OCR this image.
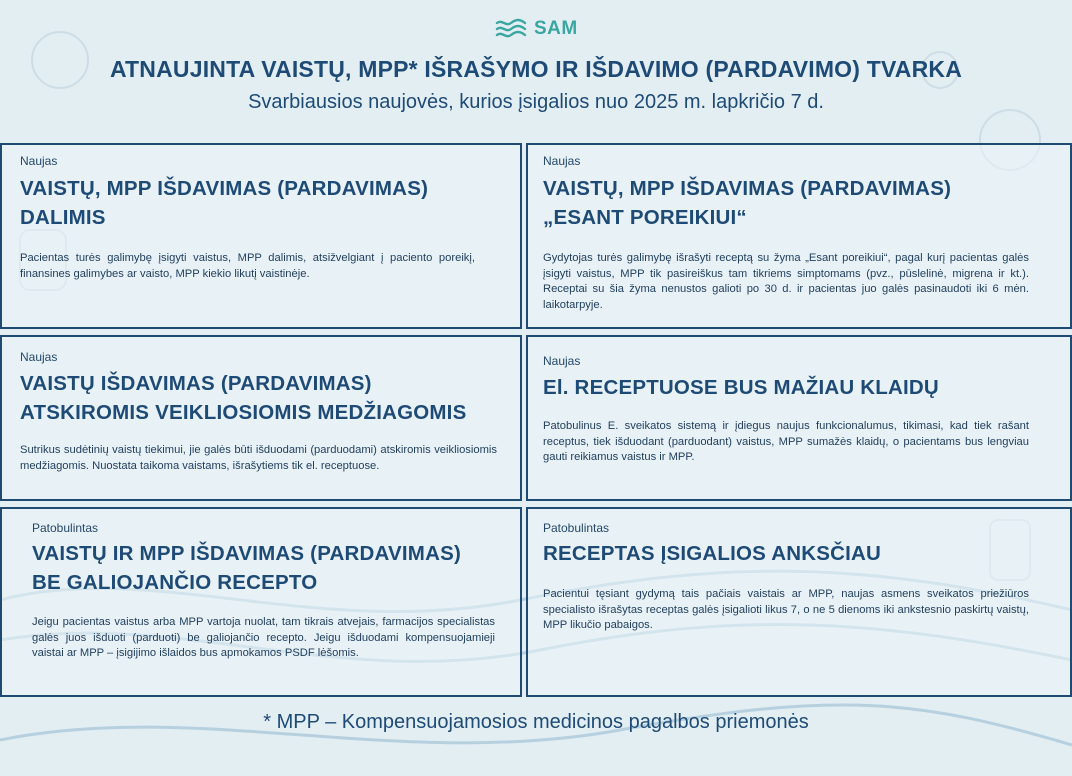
SAM
ATNAUJINTA VAISTŲ, MPP* IŠRAŠYMO IR IŠDAVIMO (PARDAVIMO) TVARKA
Svarbiausios naujovės, kurios įsigalios nuo 2025 m. lapkričio 7 d.
Naujas
VAISTŲ, MPP IŠDAVIMAS (PARDAVIMAS)
DALIMIS
Pacientas turės galimybę įsigyti vaistus, MPP dalimis, atsižvelgiant į paciento poreikį, finansines galimybes ar vaisto, MPP kiekio likutį vaistinėje.
Naujas
VAISTŲ, MPP IŠDAVIMAS (PARDAVIMAS)
„ESANT POREIKIUI“
Gydytojas turės galimybę išrašyti receptą su žyma „Esant poreikiui“, pagal kurį pacientas galės įsigyti vaistus, MPP tik pasireiškus tam tikriems simptomams (pvz., pūslelinė, migrena ir kt.). Receptai su šia žyma nenustos galioti po 30 d. ir pacientas juo galės pasinaudoti iki 6 mėn. laikotarpyje.
Naujas
VAISTŲ IŠDAVIMAS (PARDAVIMAS)
ATSKIROMIS VEIKLIOSIOMIS MEDŽIAGOMIS
Sutrikus sudėtinių vaistų tiekimui, jie galės būti išduodami (parduodami) atskiromis veikliosiomis medžiagomis. Nuostata taikoma vaistams, išrašytiems tik el. receptuose.
Naujas
El. RECEPTUOSE BUS MAŽIAU KLAIDŲ
Patobulinus E. sveikatos sistemą ir įdiegus naujus funkcionalumus, tikimasi, kad tiek rašant receptus, tiek išduodant (parduodant) vaistus, MPP sumažės klaidų, o pacientams bus lengviau gauti reikiamus vaistus ir MPP.
Patobulintas
VAISTŲ IR MPP IŠDAVIMAS (PARDAVIMAS)
BE GALIOJANČIO RECEPTO
Jeigu pacientas vaistus arba MPP vartoja nuolat, tam tikrais atvejais, farmacijos specialistas galės juos išduoti (parduoti) be galiojančio recepto. Jeigu išduodami kompensuojamieji vaistai ar MPP – įsigijimo išlaidos bus apmokamos PSDF lėšomis.
Patobulintas
RECEPTAS ĮSIGALIOS ANKSČIAU
Pacientui tęsiant gydymą tais pačiais vaistais ar MPP, naujas asmens sveikatos priežiūros specialisto išrašytas receptas galės įsigalioti likus 7, o ne 5 dienoms iki ankstesnio paskirtų vaistų, MPP likučio pabaigos.
* MPP – Kompensuojamosios medicinos pagalbos priemonės
